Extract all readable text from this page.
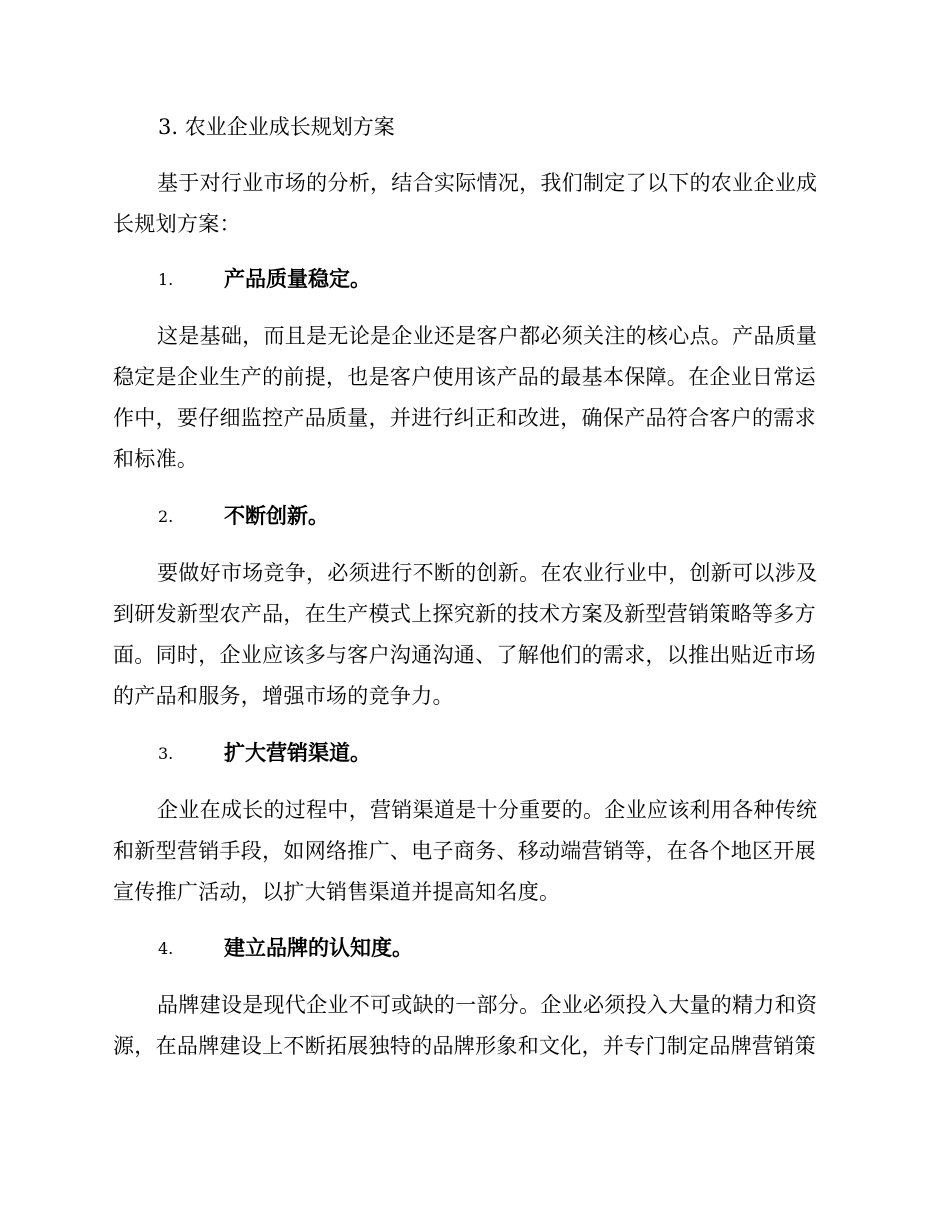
3. 农业企业成长规划方案

基于对行业市场的分析，结合实际情况，我们制定了以下的农业企业成长规划方案：

1. 产品质量稳定。

这是基础，而且是无论是企业还是客户都必须关注的核心点。产品质量稳定是企业生产的前提，也是客户使用该产品的最基本保障。在企业日常运作中，要仔细监控产品质量，并进行纠正和改进，确保产品符合客户的需求和标准。

2. 不断创新。

要做好市场竞争，必须进行不断的创新。在农业行业中，创新可以涉及到研发新型农产品，在生产模式上探究新的技术方案及新型营销策略等多方面。同时，企业应该多与客户沟通沟通、了解他们的需求，以推出贴近市场的产品和服务，增强市场的竞争力。

3. 扩大营销渠道。

企业在成长的过程中，营销渠道是十分重要的。企业应该利用各种传统和新型营销手段，如网络推广、电子商务、移动端营销等，在各个地区开展宣传推广活动，以扩大销售渠道并提高知名度。

4. 建立品牌的认知度。

品牌建设是现代企业不可或缺的一部分。企业必须投入大量的精力和资源，在品牌建设上不断拓展独特的品牌形象和文化，并专门制定品牌营销策
